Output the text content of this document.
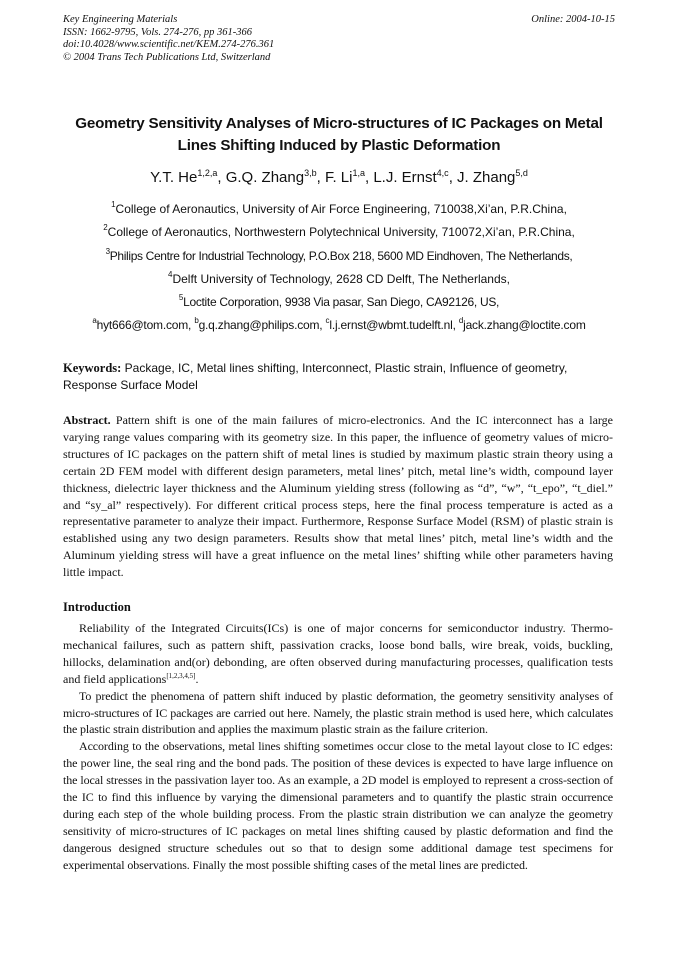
Key Engineering Materials
ISSN: 1662-9795, Vols. 274-276, pp 361-366
doi:10.4028/www.scientific.net/KEM.274-276.361
© 2004 Trans Tech Publications Ltd, Switzerland
Online: 2004-10-15
Geometry Sensitivity Analyses of Micro-structures of IC Packages on Metal Lines Shifting Induced by Plastic Deformation
Y.T. He$^{1,2,a}$, G.Q. Zhang$^{3,b}$, F. Li$^{1,a}$, L.J. Ernst$^{4,c}$, J. Zhang$^{5,d}$
$^1$College of Aeronautics, University of Air Force Engineering, 710038,Xi’an, P.R.China,
$^2$College of Aeronautics, Northwestern Polytechnical University, 710072,Xi’an, P.R.China,
$^3$Philips Centre for Industrial Technology, P.O.Box 218, 5600 MD Eindhoven, The Netherlands,
$^4$Delft University of Technology, 2628 CD Delft, The Netherlands,
$^5$Loctite Corporation, 9938 Via pasar, San Diego, CA92126, US,
$^a$hyt666@tom.com, $^b$g.q.zhang@philips.com, $^c$l.j.ernst@wbmt.tudelft.nl, $^d$jack.zhang@loctite.com
Keywords: Package, IC, Metal lines shifting, Interconnect, Plastic strain, Influence of geometry, Response Surface Model

Abstract. Pattern shift is one of the main failures of micro-electronics. And the IC interconnect has a large varying range values comparing with its geometry size. In this paper, the influence of geometry values of micro-structures of IC packages on the pattern shift of metal lines is studied by maximum plastic strain theory using a certain 2D FEM model with different design parameters, metal lines’ pitch, metal line’s width, compound layer thickness, dielectric layer thickness and the Aluminum yielding stress (following as “d”, “w”, “t_epo”, “t_diel.” and “sy_al” respectively). For different critical process steps, here the final process temperature is acted as a representative parameter to analyze their impact. Furthermore, Response Surface Model (RSM) of plastic strain is established using any two design parameters. Results show that metal lines’ pitch, metal line’s width and the Aluminum yielding stress will have a great influence on the metal lines’ shifting while other parameters having little impact.

Introduction

Reliability of the Integrated Circuits(ICs) is one of major concerns for semiconductor industry. Thermo-mechanical failures, such as pattern shift, passivation cracks, loose bond balls, wire break, voids, buckling, hillocks, delamination and(or) debonding, are often observed during manufacturing processes, qualification tests and field applications[1,2,3,4,5].

To predict the phenomena of pattern shift induced by plastic deformation, the geometry sensitivity analyses of micro-structures of IC packages are carried out here. Namely, the plastic strain method is used here, which calculates the plastic strain distribution and applies the maximum plastic strain as the failure criterion.

According to the observations, metal lines shifting sometimes occur close to the metal layout close to IC edges: the power line, the seal ring and the bond pads. The position of these devices is expected to have large influence on the local stresses in the passivation layer too. As an example, a 2D model is employed to represent a cross-section of the IC to find this influence by varying the dimensional parameters and to quantify the plastic strain occurrence during each step of the whole building process. From the plastic strain distribution we can analyze the geometry sensitivity of micro-structures of IC packages on metal lines shifting caused by plastic deformation and find the dangerous designed structure schedules out so that to design some additional damage test specimens for experimental observations. Finally the most possible shifting cases of the metal lines are predicted.
